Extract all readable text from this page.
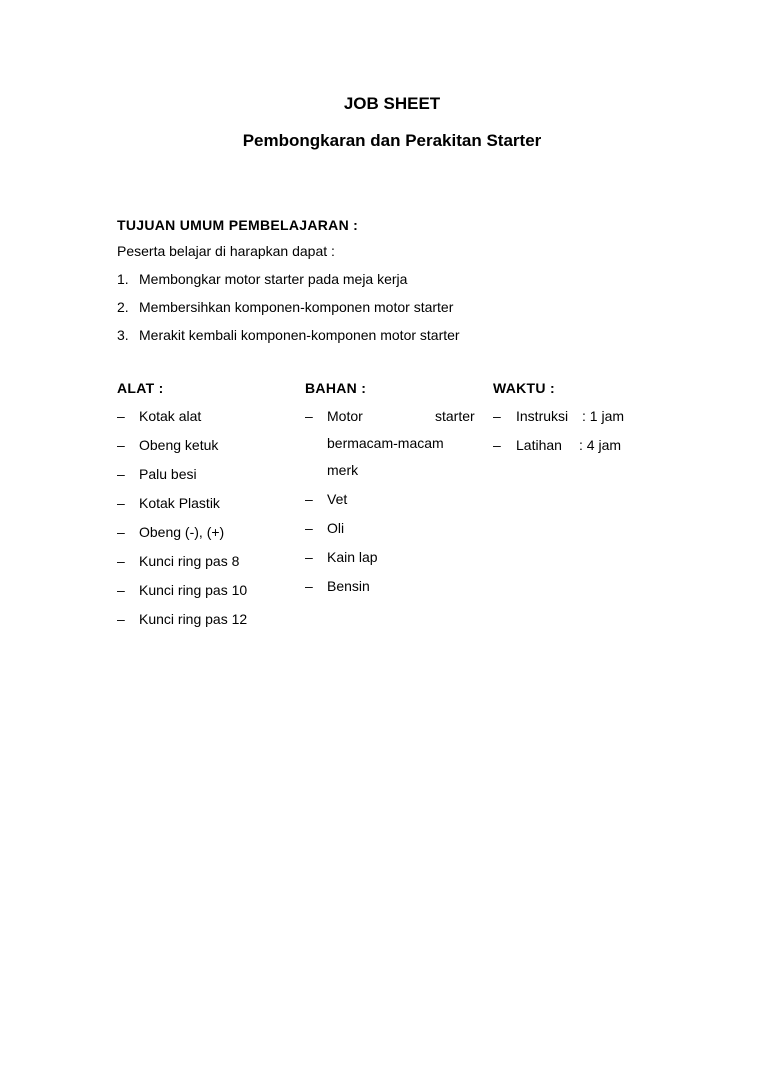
JOB SHEET
Pembongkaran dan Perakitan Starter
TUJUAN UMUM PEMBELAJARAN :
Peserta belajar di harapkan dapat :
1. Membongkar motor starter pada meja kerja
2. Membersihkan komponen-komponen motor starter
3. Merakit kembali komponen-komponen motor starter
ALAT :
– Kotak alat
– Obeng ketuk
– Palu besi
– Kotak Plastik
– Obeng (-), (+)
– Kunci ring pas 8
– Kunci ring pas 10
– Kunci ring pas 12
BAHAN :
– Motor	starter
bermacam-macam
merk
– Vet
– Oli
– Kain lap
– Bensin
WAKTU :
– Instruksi : 1 jam
– Latihan : 4 jam
